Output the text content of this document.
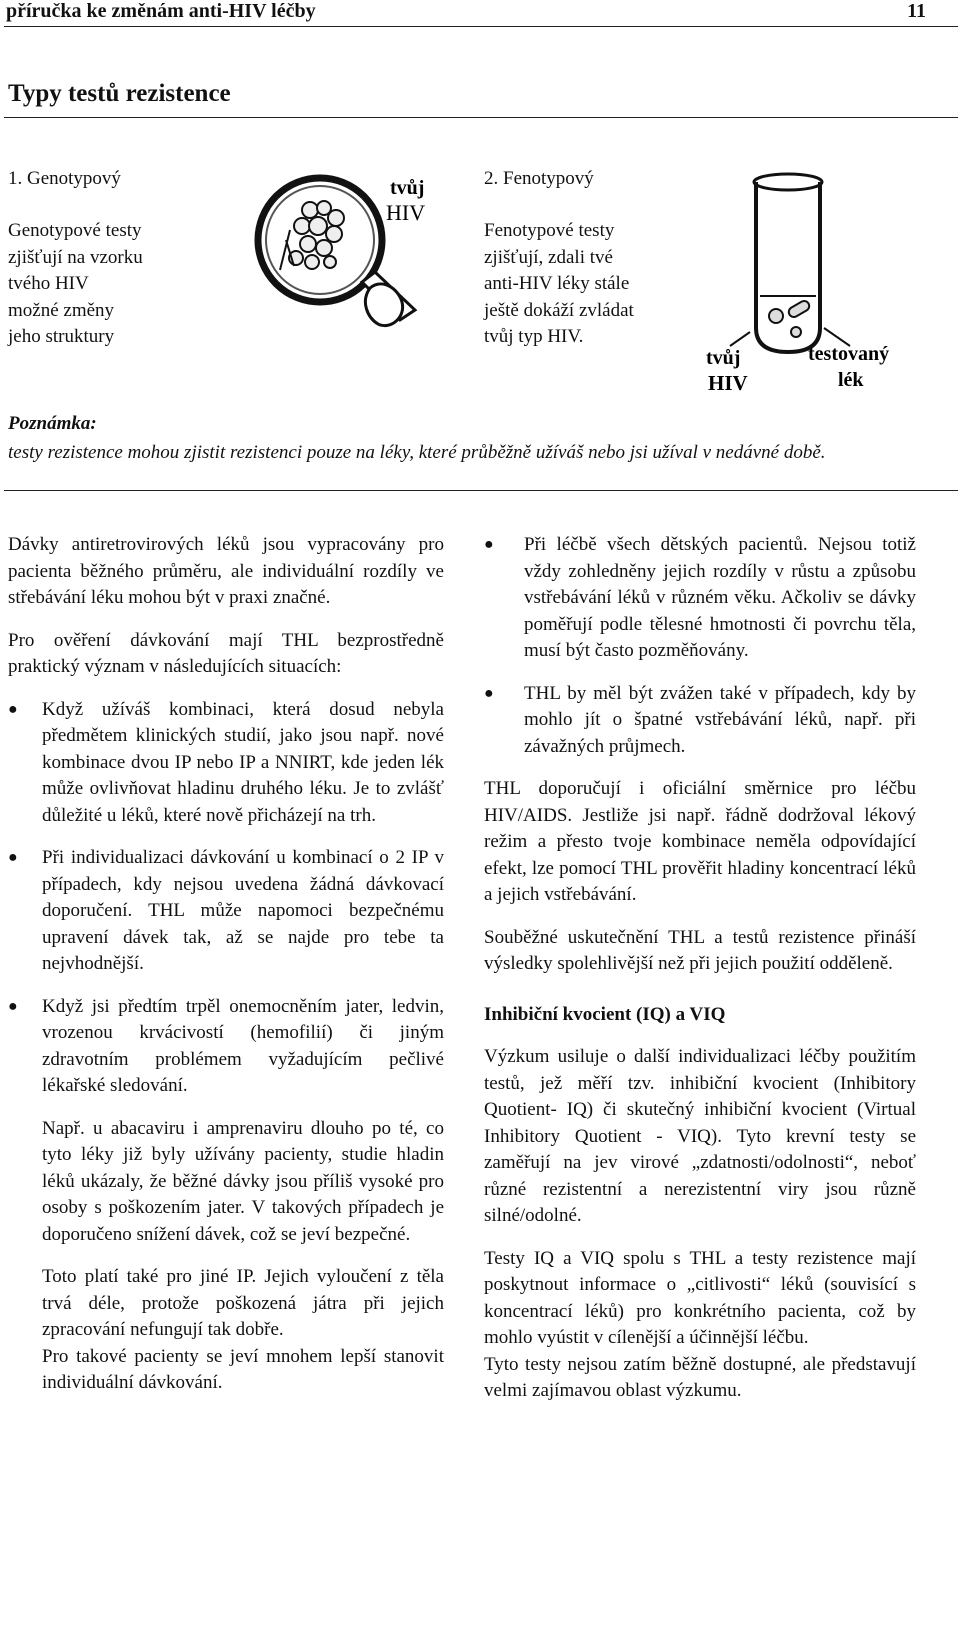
příručka ke změnám anti-HIV léčby	11
Typy testů rezistence
1. Genotypový
Genotypové testy
zjišťují na vzorku
tvého HIV
možné změny
jeho struktury
tvůj
HIV
2. Fenotypový
Fenotypové testy
zjišťují, zdali tvé
anti-HIV léky stále
ještě dokáží zvládat
tvůj typ HIV.
tvůj
HIV
testovaný
lék
Poznámka:
testy rezistence mohou zjistit rezistenci pouze na léky, které průběžně užíváš nebo jsi užíval v nedávné době.

Dávky antiretrovirových léků jsou vypracovány pro pacienta běžného průměru, ale individuální rozdíly ve střebávání léku mohou být v praxi značné.

Pro ověření dávkování mají THL bezprostředně praktický význam v následujících situacích:

● Když užíváš kombinaci, která dosud nebyla předmětem klinických studií, jako jsou např. nové kombinace dvou IP nebo IP a NNIRT, kde jeden lék může ovlivňovat hladinu druhého léku. Je to zvlášť důležité u léků, které nově přicházejí na trh.

● Při individualizaci dávkování u kombinací o 2 IP v případech, kdy nejsou uvedena žádná dávkovací doporučení. THL může napomoci bezpečnému upravení dávek tak, až se najde pro tebe ta nejvhodnější.

● Když jsi předtím trpěl onemocněním jater, ledvin, vrozenou krvácivostí (hemofilií) či jiným zdravotním problémem vyžadujícím pečlivé lékařské sledování.

Např. u abacaviru i amprenaviru dlouho po té, co tyto léky již byly užívány pacienty, studie hladin léků ukázaly, že běžné dávky jsou příliš vysoké pro osoby s poškozením jater. V takových případech je doporučeno snížení dávek, což se jeví bezpečné.

Toto platí také pro jiné IP. Jejich vyloučení z těla trvá déle, protože poškozená játra při jejich zpracování nefungují tak dobře.

Pro takové pacienty se jeví mnohem lepší stanovit individuální dávkování.

● Při léčbě všech dětských pacientů. Nejsou totiž vždy zohledněny jejich rozdíly v růstu a způsobu vstřebávání léků v různém věku. Ačkoliv se dávky poměřují podle tělesné hmotnosti či povrchu těla, musí být často pozměňovány.

● THL by měl být zvážen také v případech, kdy by mohlo jít o špatné vstřebávání léků, např. při závažných průjmech.

THL doporučují i oficiální směrnice pro léčbu HIV/AIDS. Jestliže jsi např. řádně dodržoval lékový režim a přesto tvoje kombinace neměla odpovídající efekt, lze pomocí THL prověřit hladiny koncentrací léků a jejich vstřebávání.

Souběžné uskutečnění THL a testů rezistence přináší výsledky spolehlivější než při jejich použití odděleně.

Inhibiční kvocient (IQ) a VIQ

Výzkum usiluje o další individualizaci léčby použitím testů, jež měří tzv. inhibiční kvocient (Inhibitory Quotient- IQ) či skutečný inhibiční kvocient (Virtual Inhibitory Quotient - VIQ). Tyto krevní testy se zaměřují na jev virové „zdatnosti/odolnosti“, neboť různé rezistentní a nerezistentní viry jsou různě silné/odolné.

Testy IQ a VIQ spolu s THL a testy rezistence mají poskytnout informace o „citlivosti“ léků (souvisící s koncentrací léků) pro konkrétního pacienta, což by mohlo vyústit v cílenější a účinnější léčbu.

Tyto testy nejsou zatím běžně dostupné, ale představují velmi zajímavou oblast výzkumu.
